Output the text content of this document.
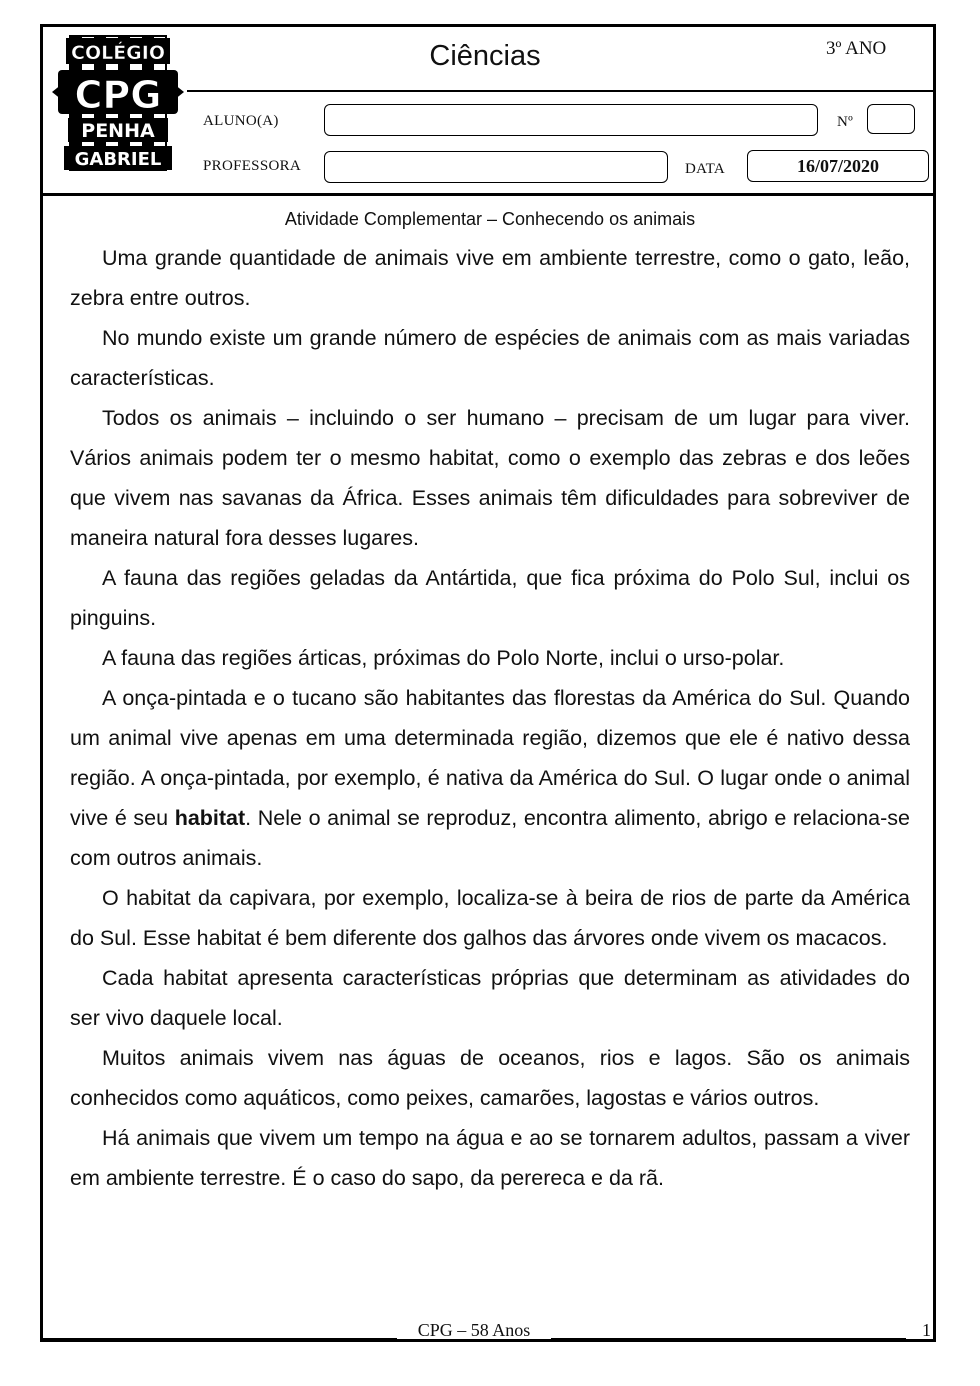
COLÉGIO
CPG
PENHA
GABRIEL
Ciências	3º ANO
ALUNO(A)	Nº
PROFESSORA	DATA	16/07/2020
Atividade Complementar – Conhecendo os animais

Uma grande quantidade de animais vive em ambiente terrestre, como o gato, leão, zebra entre outros.

No mundo existe um grande número de espécies de animais com as mais variadas características.

Todos os animais – incluindo o ser humano – precisam de um lugar para viver. Vários animais podem ter o mesmo habitat, como o exemplo das zebras e dos leões que vivem nas savanas da África. Esses animais têm dificuldades para sobreviver de maneira natural fora desses lugares.

A fauna das regiões geladas da Antártida, que fica próxima do Polo Sul, inclui os pinguins.

A fauna das regiões árticas, próximas do Polo Norte, inclui o urso-polar.

A onça-pintada e o tucano são habitantes das florestas da América do Sul. Quando um animal vive apenas em uma determinada região, dizemos que ele é nativo dessa região. A onça-pintada, por exemplo, é nativa da América do Sul. O lugar onde o animal vive é seu habitat. Nele o animal se reproduz, encontra alimento, abrigo e relaciona-se com outros animais.

O habitat da capivara, por exemplo, localiza-se à beira de rios de parte da América do Sul. Esse habitat é bem diferente dos galhos das árvores onde vivem os macacos.

Cada habitat apresenta características próprias que determinam as atividades do ser vivo daquele local.

Muitos animais vivem nas águas de oceanos, rios e lagos. São os animais conhecidos como aquáticos, como peixes, camarões, lagostas e vários outros.

Há animais que vivem um tempo na água e ao se tornarem adultos, passam a viver em ambiente terrestre. É o caso do sapo, da perereca e da rã.

CPG – 58 Anos	1
